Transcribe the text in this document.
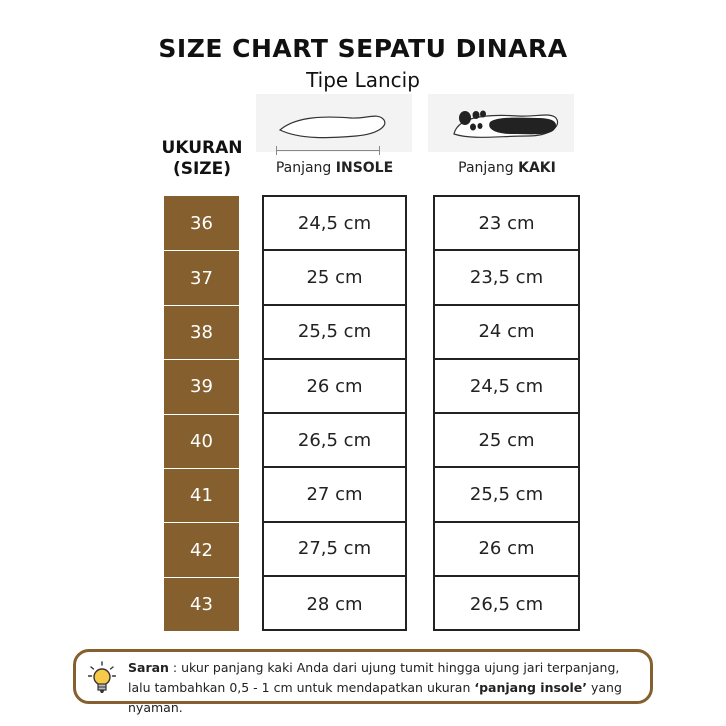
SIZE CHART SEPATU DINARA
Tipe Lancip
UKURAN (SIZE)	Panjang INSOLE	Panjang KAKI
36
37
38
39
40
41
42
43
24,5 cm
25 cm
25,5 cm
26 cm
26,5 cm
27 cm
27,5 cm
28 cm
23 cm
23,5 cm
24 cm
24,5 cm
25 cm
25,5 cm
26 cm
26,5 cm
Saran : ukur panjang kaki Anda dari ujung tumit hingga ujung jari terpanjang, lalu tambahkan 0,5 - 1 cm untuk mendapatkan ukuran ‘panjang insole’ yang nyaman.
